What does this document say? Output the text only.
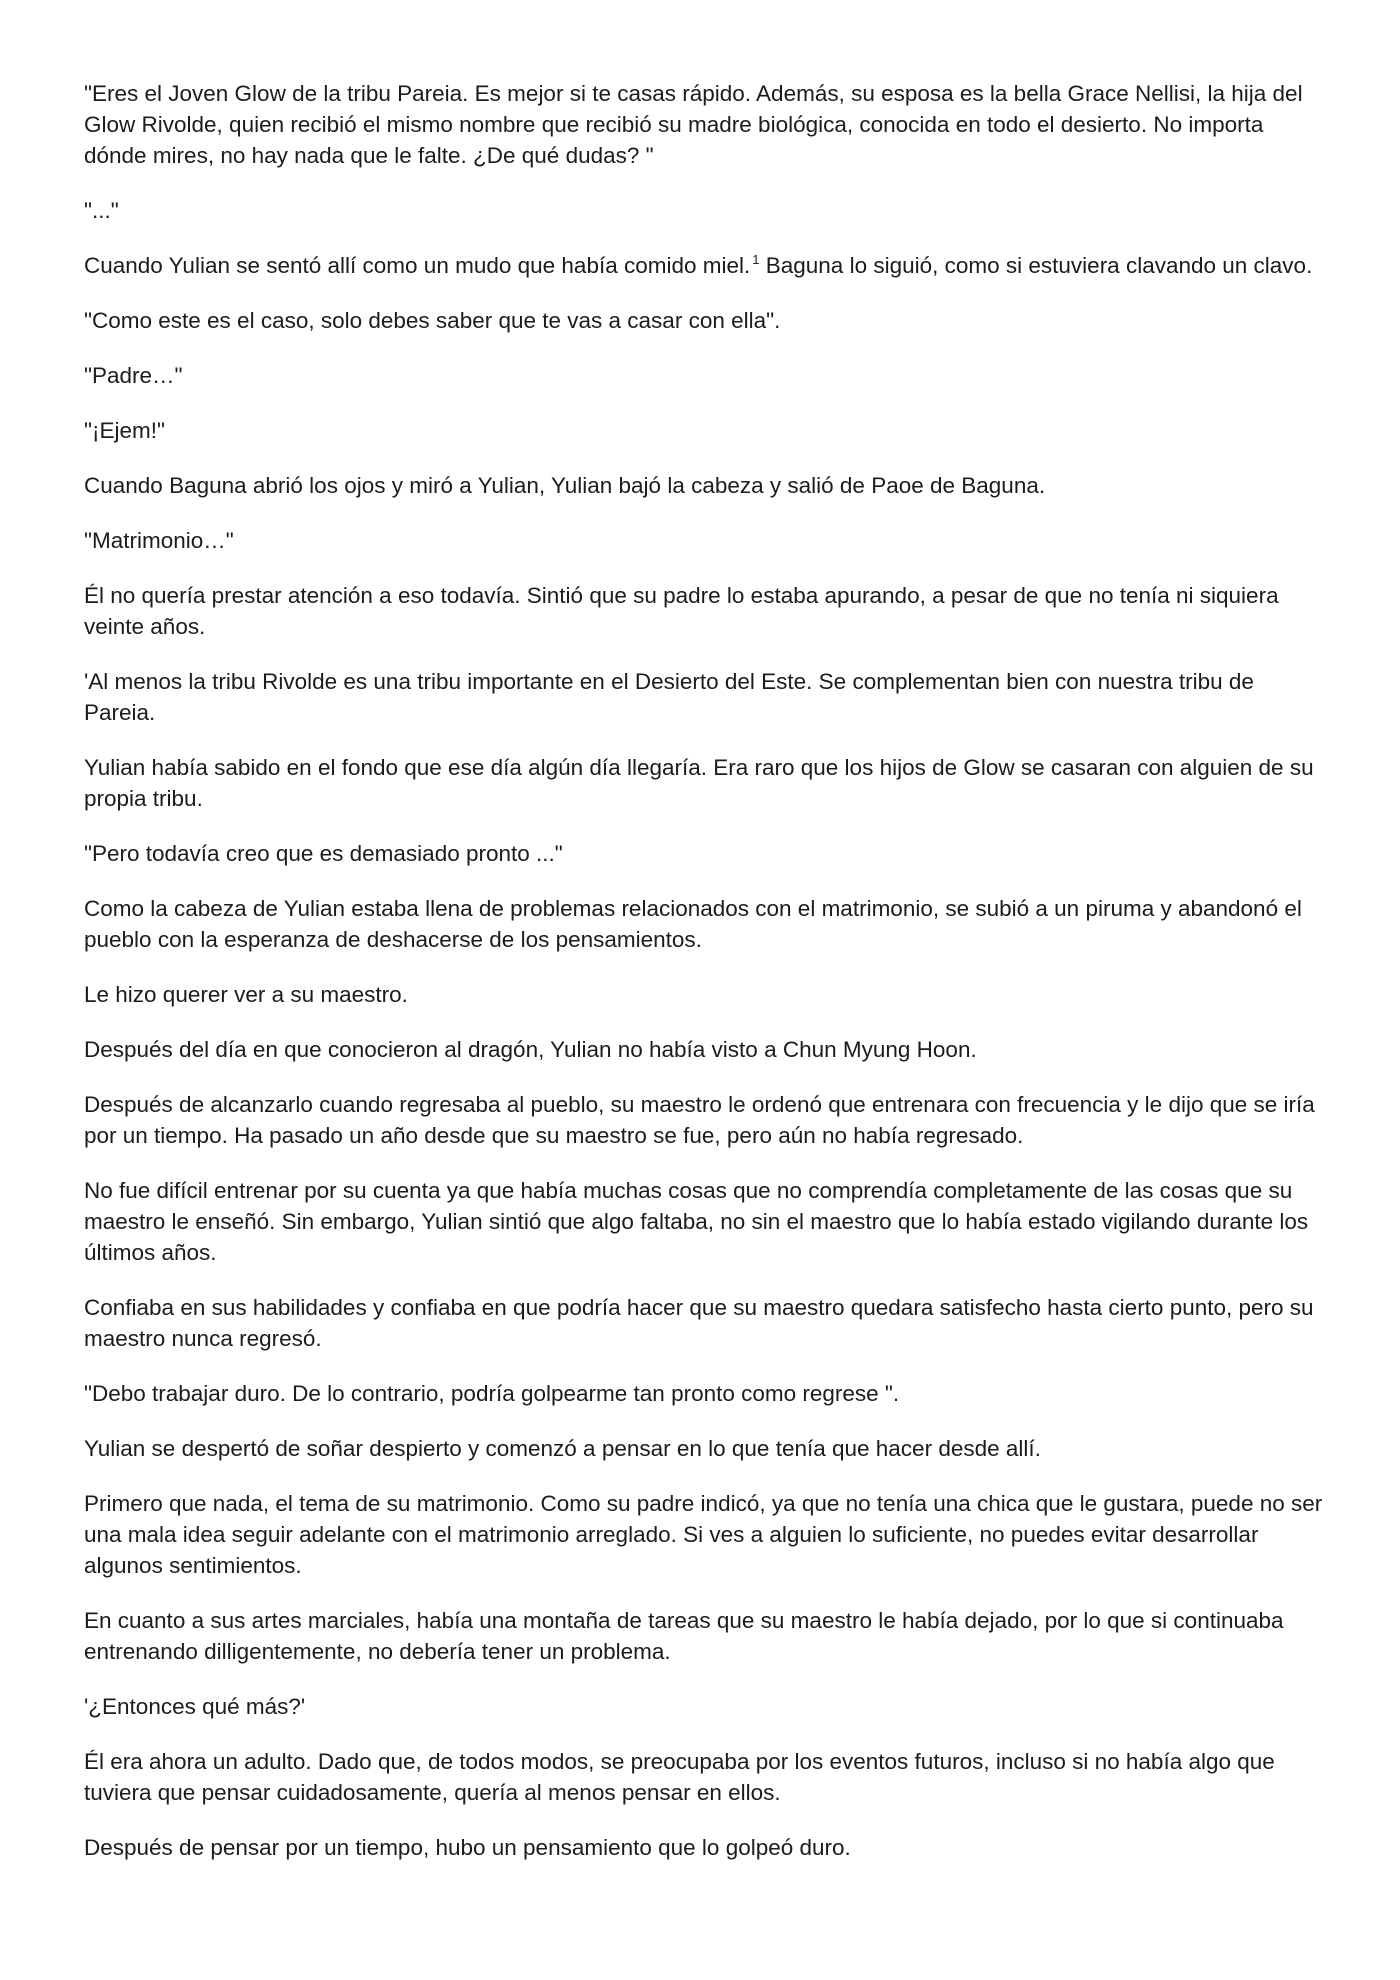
"Eres el Joven Glow de la tribu Pareia. Es mejor si te casas rápido. Además, su esposa es la bella Grace Nellisi, la hija del Glow Rivolde, quien recibió el mismo nombre que recibió su madre biológica, conocida en todo el desierto. No importa dónde mires, no hay nada que le falte. ¿De qué dudas? "

"..."

Cuando Yulian se sentó allí como un mudo que había comido miel. $^1$ Baguna lo siguió, como si estuviera clavando un clavo.

"Como este es el caso, solo debes saber que te vas a casar con ella".

"Padre…"

"¡Ejem!"

Cuando Baguna abrió los ojos y miró a Yulian, Yulian bajó la cabeza y salió de Paoe de Baguna.

"Matrimonio…"

Él no quería prestar atención a eso todavía. Sintió que su padre lo estaba apurando, a pesar de que no tenía ni siquiera veinte años.

'Al menos la tribu Rivolde es una tribu importante en el Desierto del Este. Se complementan bien con nuestra tribu de Pareia.

Yulian había sabido en el fondo que ese día algún día llegaría. Era raro que los hijos de Glow se casaran con alguien de su propia tribu.

"Pero todavía creo que es demasiado pronto ..."

Como la cabeza de Yulian estaba llena de problemas relacionados con el matrimonio, se subió a un piruma y abandonó el pueblo con la esperanza de deshacerse de los pensamientos.

Le hizo querer ver a su maestro.

Después del día en que conocieron al dragón, Yulian no había visto a Chun Myung Hoon.

Después de alcanzarlo cuando regresaba al pueblo, su maestro le ordenó que entrenara con frecuencia y le dijo que se iría por un tiempo. Ha pasado un año desde que su maestro se fue, pero aún no había regresado.

No fue difícil entrenar por su cuenta ya que había muchas cosas que no comprendía completamente de las cosas que su maestro le enseñó. Sin embargo, Yulian sintió que algo faltaba, no sin el maestro que lo había estado vigilando durante los últimos años.

Confiaba en sus habilidades y confiaba en que podría hacer que su maestro quedara satisfecho hasta cierto punto, pero su maestro nunca regresó.

"Debo trabajar duro. De lo contrario, podría golpearme tan pronto como regrese ".

Yulian se despertó de soñar despierto y comenzó a pensar en lo que tenía que hacer desde allí.

Primero que nada, el tema de su matrimonio. Como su padre indicó, ya que no tenía una chica que le gustara, puede no ser una mala idea seguir adelante con el matrimonio arreglado. Si ves a alguien lo suficiente, no puedes evitar desarrollar algunos sentimientos.

En cuanto a sus artes marciales, había una montaña de tareas que su maestro le había dejado, por lo que si continuaba entrenando dilligentemente, no debería tener un problema.

'¿Entonces qué más?'

Él era ahora un adulto. Dado que, de todos modos, se preocupaba por los eventos futuros, incluso si no había algo que tuviera que pensar cuidadosamente, quería al menos pensar en ellos.

Después de pensar por un tiempo, hubo un pensamiento que lo golpeó duro.
